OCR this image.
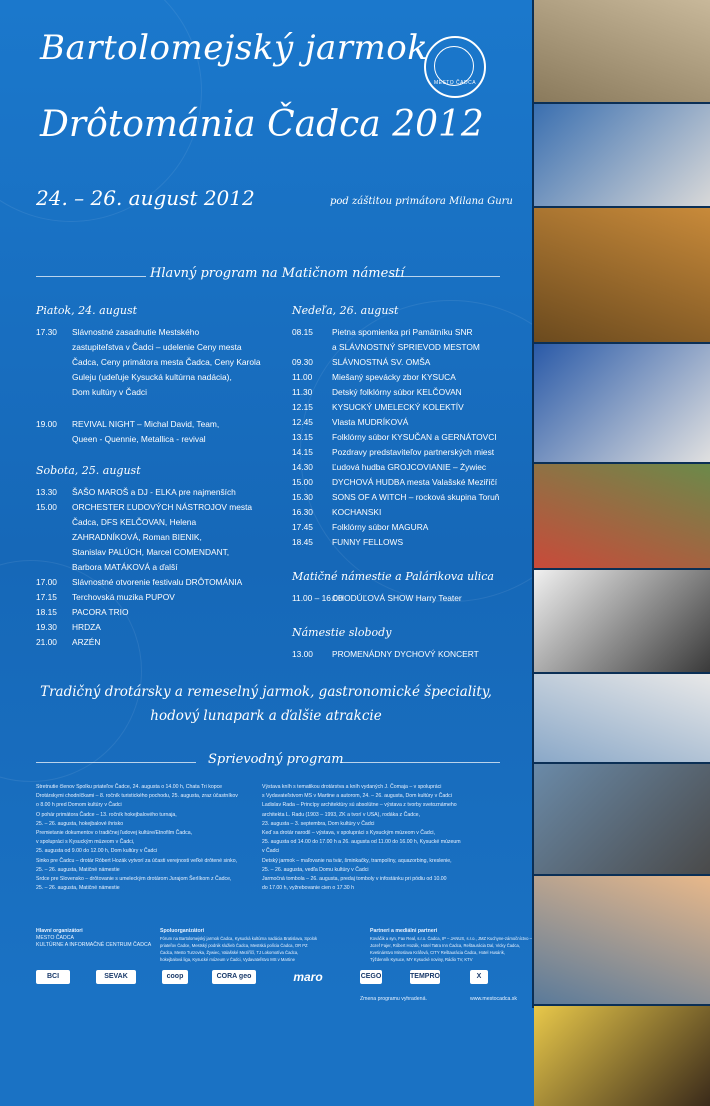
Bartolomejský jarmok
Drôtománia Čadca 2012
MESTO ČADCA
24. – 26. august 2012	pod záštitou primátora Milana Guru
Hlavný program na Matičnom námestí
Piatok, 24. august
17.30 Slávnostné zasadnutie Mestského
zastupiteľstva v Čadci – udelenie Ceny mesta
Čadca, Ceny primátora mesta Čadca, Ceny Karola
Guleju (udeľuje Kysucká kultúrna nadácia),
Dom kultúry v Čadci
19.00 REVIVAL NIGHT – Michal David, Team,
Queen - Quennie, Metallica - revival
Sobota, 25. august
13.30 ŠAŠO MAROŠ a DJ - ELKA pre najmenších
15.00 ORCHESTER ĽUDOVÝCH NÁSTROJOV mesta
Čadca, DFS KELČOVAN, Helena
ZAHRADNÍKOVÁ, Roman BIENIK,
Stanislav PALÚCH, Marcel COMENDANT,
Barbora MATÁKOVÁ a ďalší
17.00 Slávnostné otvorenie festivalu DRÔTOMÁNIA
17.15 Terchovská muzika PUPOV
18.15 PACORA TRIO
19.30 HRDZA
21.00 ARZÉN
Nedeľa, 26. august
08.15 Pietna spomienka pri Pamätníku SNR
a SLÁVNOSTNÝ SPRIEVOD MESTOM
09.30 SLÁVNOSTNÁ SV. OMŠA
11.00 Miešaný spevácky zbor KYSUCA
11.30 Detský folklórny súbor KELČOVAN
12.15 KYSUCKÝ UMELECKÝ KOLEKTÍV
12.45 Vlasta MUDRÍKOVÁ
13.15 Folklórny súbor KYSUČAN a GERNÁTOVCI
14.15 Pozdravy predstaviteľov partnerských miest
14.30 Ľudová hudba GROJCOVIANIE – Żywiec
15.00 DYCHOVÁ HUDBA mesta Valašské Meziříčí
15.30 SONS OF A WITCH – rocková skupina Toruň
16.30 KOCHANSKI
17.45 Folklórny súbor MAGURA
18.45 FUNNY FELLOWS
Matičné námestie a Palárikova ulica
11.00 – 16.00
CHODÚĽOVÁ SHOW Harry Teater
Námestie slobody
13.00 PROMENÁDNY DYCHOVÝ KONCERT
Tradičný drotársky a remeselný jarmok, gastronomické špeciality,
hodový lunapark a ďalšie atrakcie
Sprievodný program
Stretnutie členov Spolku priateľov Čadce, 24. augusta o 14.00 h, Chata Tri kopce
Drotárskymi chodníčkami – 8. ročník turistického pochodu, 25. augusta, zraz účastníkov
o 8.00 h pred Domom kultúry v Čadci
O pohár primátora Čadce – 13. ročník hokejbalového turnaja,
25. – 26. augusta, hokejbalové ihrisko
Premietanie dokumentov o tradičnej ľudovej kultúre/Etnofilm Čadca,
v spolupráci s Kysuckým múzeom v Čadci,
25. augusta od 9.00 do 12.00 h, Dom kultúry v Čadci
Sinko pre Čadcu – drotár Róbert Hozák vytvorí za účasti verejnosti veľké drôtené sinko,
25. – 26. augusta, Matičné námestie
Srdce pre Slovensko – drôtovanie s umeleckým drotárom Jurajom Šerlíkom z Čadce,
25. – 26. augusta, Matičné námestie
Výstava kníh s tematikou drotárstva a kníh vydaných J. Čomaja – v spolupráci
s Vydavateľstvom MS v Martine a autorom, 24. – 26. augusta, Dom kultúry v Čadci
Ladislav Rada – Princípy architektúry sú absolútne – výstava z tvorby svetoznámeho
architekta L. Radu (1903 – 1993, ZK a tvorí v USA), rodáka z Čadce,
23. augusta – 3. septembra, Dom kultúry v Čadci
Keď sa drotár narodil – výstava, v spolupráci s Kysuckým múzeom v Čadci,
25. augusta od 14.00 do 17.00 h a 26. augusta od 11.00 do 16.00 h, Kysucké múzeum
v Čadci
Detský jarmok – maľovanie na tvár, šminkačky, trampolíny, aquazorbing, kreslenie,
25. – 26. augusta, vedľa Domu kultúry v Čadci
Jarmočná tombola – 26. augusta, predaj tomboly v infostánku pri pódiu od 10.00
do 17.00 h, vyžrebovanie cien o 17.30 h
Hlavní organizátori
MESTO ČADCA
KULTÚRNE A INFORMAČNÉ CENTRUM ČADCA
Spoluorganizátori
Fórum na Bartolomejský jarmok Čadca, Kysucká kultúrna nadácia Bratislava, Spolok
priateľov Čadce, Mestský podnik služieb Čadca, Mestská polícia Čadca, OR PZ
Čadca, Mesto Turzovka, Žywiec, Valašské Meziříčí, TJ Lokomotíva Čadca,
hokejbalová liga, Kysucké múzeum v Čadci, Vydavateľstvo MS v Martine
Partneri a mediálni partneri
Kováčik a syn, Fax Real, s.r.o. Čadca, IP – JANUS, s.r.o., JMZ Kuchyne-zámočníctvo –
Jozef Fajer, Róbert Hozák, Hotel Tatra Inn Čadca, Reštaurácia Dal, Vicky Čadca,
Kvetinárstvo Miroslava Kráľová, CITY Reštaurácia Čadca, Hotel Husárik,
Týždenník Kysuce, MY Kysucké noviny, Rádio TV, KTV
Zmena programu vyhradená.	www.mestocadca.sk
BCI	SEVAK	coop	CORA geo	maro	CEGO	TEMPRO	X
